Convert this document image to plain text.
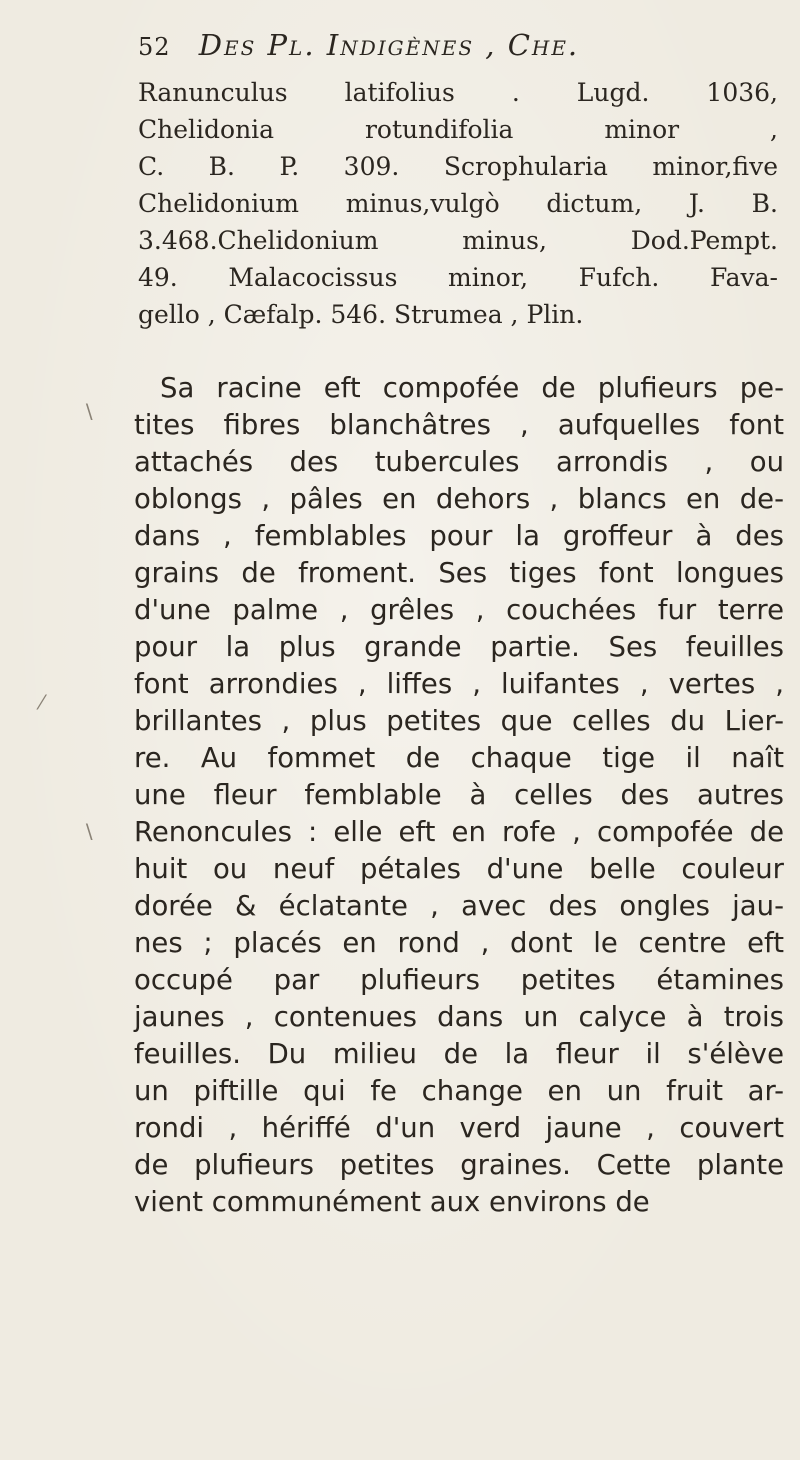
52 Des Pl. Indigènes , Che.
Ranunculus latifolius . Lugd. 1036,
Chelidonia rotundifolia minor ,
C. B. P. 309. Scrophularia minor,five
Chelidonium minus,vulgò dictum, J. B.
3.468.Chelidonium minus, Dod.Pempt.
49. Malacocissus minor, Fufch. Fava-
gello , Cæfalp. 546. Strumea , Plin.
Sa racine eft compofée de plufieurs pe-
tites fibres blanchâtres , aufquelles font
attachés des tubercules arrondis , ou
oblongs , pâles en dehors , blancs en de-
dans , femblables pour la groffeur à des
grains de froment. Ses tiges font longues
d'une palme , grêles , couchées fur terre
pour la plus grande partie. Ses feuilles
font arrondies , liffes , luifantes , vertes ,
brillantes , plus petites que celles du Lier-
re. Au fommet de chaque tige il naît
une fleur femblable à celles des autres
Renoncules : elle eft en rofe , compofée de
huit ou neuf pétales d'une belle couleur
dorée & éclatante , avec des ongles jau-
nes ; placés en rond , dont le centre eft
occupé par plufieurs petites étamines
jaunes , contenues dans un calyce à trois
feuilles. Du milieu de la fleur il s'élève
un piftille qui fe change en un fruit ar-
rondi , hériffé d'un verd jaune , couvert
de plufieurs petites graines. Cette plante
vient communément aux environs de
⁄
∖
∖
